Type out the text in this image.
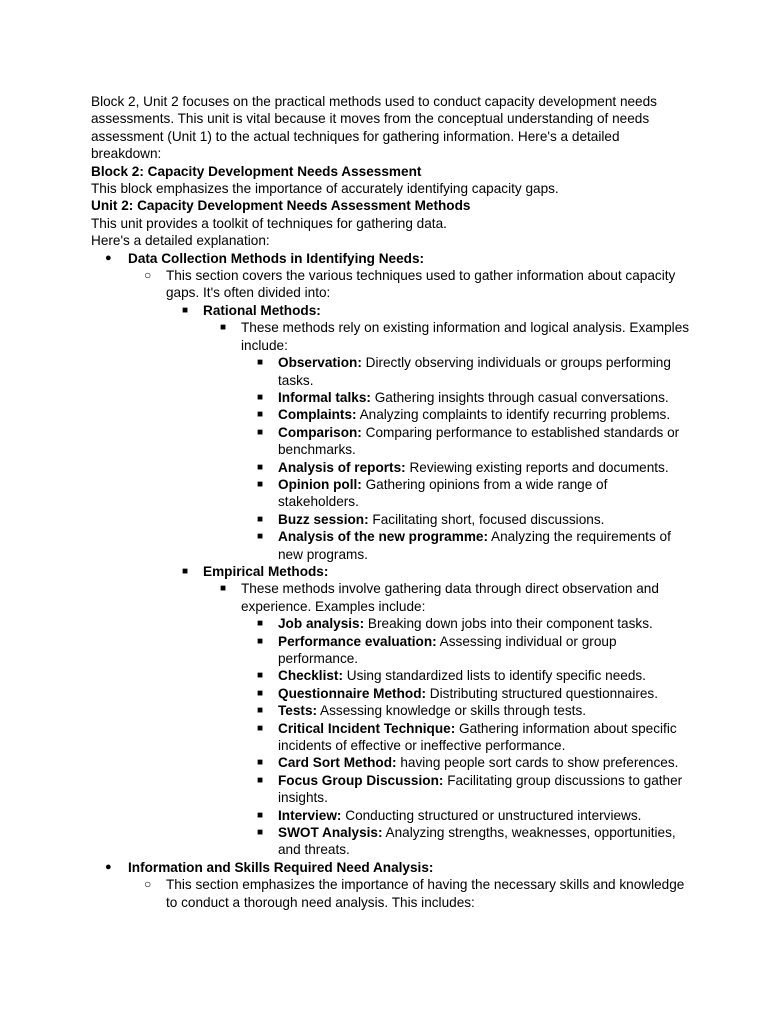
Block 2, Unit 2 focuses on the practical methods used to conduct capacity development needs assessments. This unit is vital because it moves from the conceptual understanding of needs assessment (Unit 1) to the actual techniques for gathering information. Here's a detailed breakdown:

Block 2: Capacity Development Needs Assessment

This block emphasizes the importance of accurately identifying capacity gaps.

Unit 2: Capacity Development Needs Assessment Methods

This unit provides a toolkit of techniques for gathering data.

Here's a detailed explanation:

● Data Collection Methods in Identifying Needs:
○ This section covers the various techniques used to gather information about capacity gaps. It's often divided into:
■ Rational Methods:
■ These methods rely on existing information and logical analysis. Examples include:
■ Observation: Directly observing individuals or groups performing tasks.
■ Informal talks: Gathering insights through casual conversations.
■ Complaints: Analyzing complaints to identify recurring problems.
■ Comparison: Comparing performance to established standards or benchmarks.
■ Analysis of reports: Reviewing existing reports and documents.
■ Opinion poll: Gathering opinions from a wide range of stakeholders.
■ Buzz session: Facilitating short, focused discussions.
■ Analysis of the new programme: Analyzing the requirements of new programs.
■ Empirical Methods:
■ These methods involve gathering data through direct observation and experience. Examples include:
■ Job analysis: Breaking down jobs into their component tasks.
■ Performance evaluation: Assessing individual or group performance.
■ Checklist: Using standardized lists to identify specific needs.
■ Questionnaire Method: Distributing structured questionnaires.
■ Tests: Assessing knowledge or skills through tests.
■ Critical Incident Technique: Gathering information about specific incidents of effective or ineffective performance.
■ Card Sort Method: having people sort cards to show preferences.
■ Focus Group Discussion: Facilitating group discussions to gather insights.
■ Interview: Conducting structured or unstructured interviews.
■ SWOT Analysis: Analyzing strengths, weaknesses, opportunities, and threats.
● Information and Skills Required Need Analysis:
○ This section emphasizes the importance of having the necessary skills and knowledge to conduct a thorough need analysis. This includes:
